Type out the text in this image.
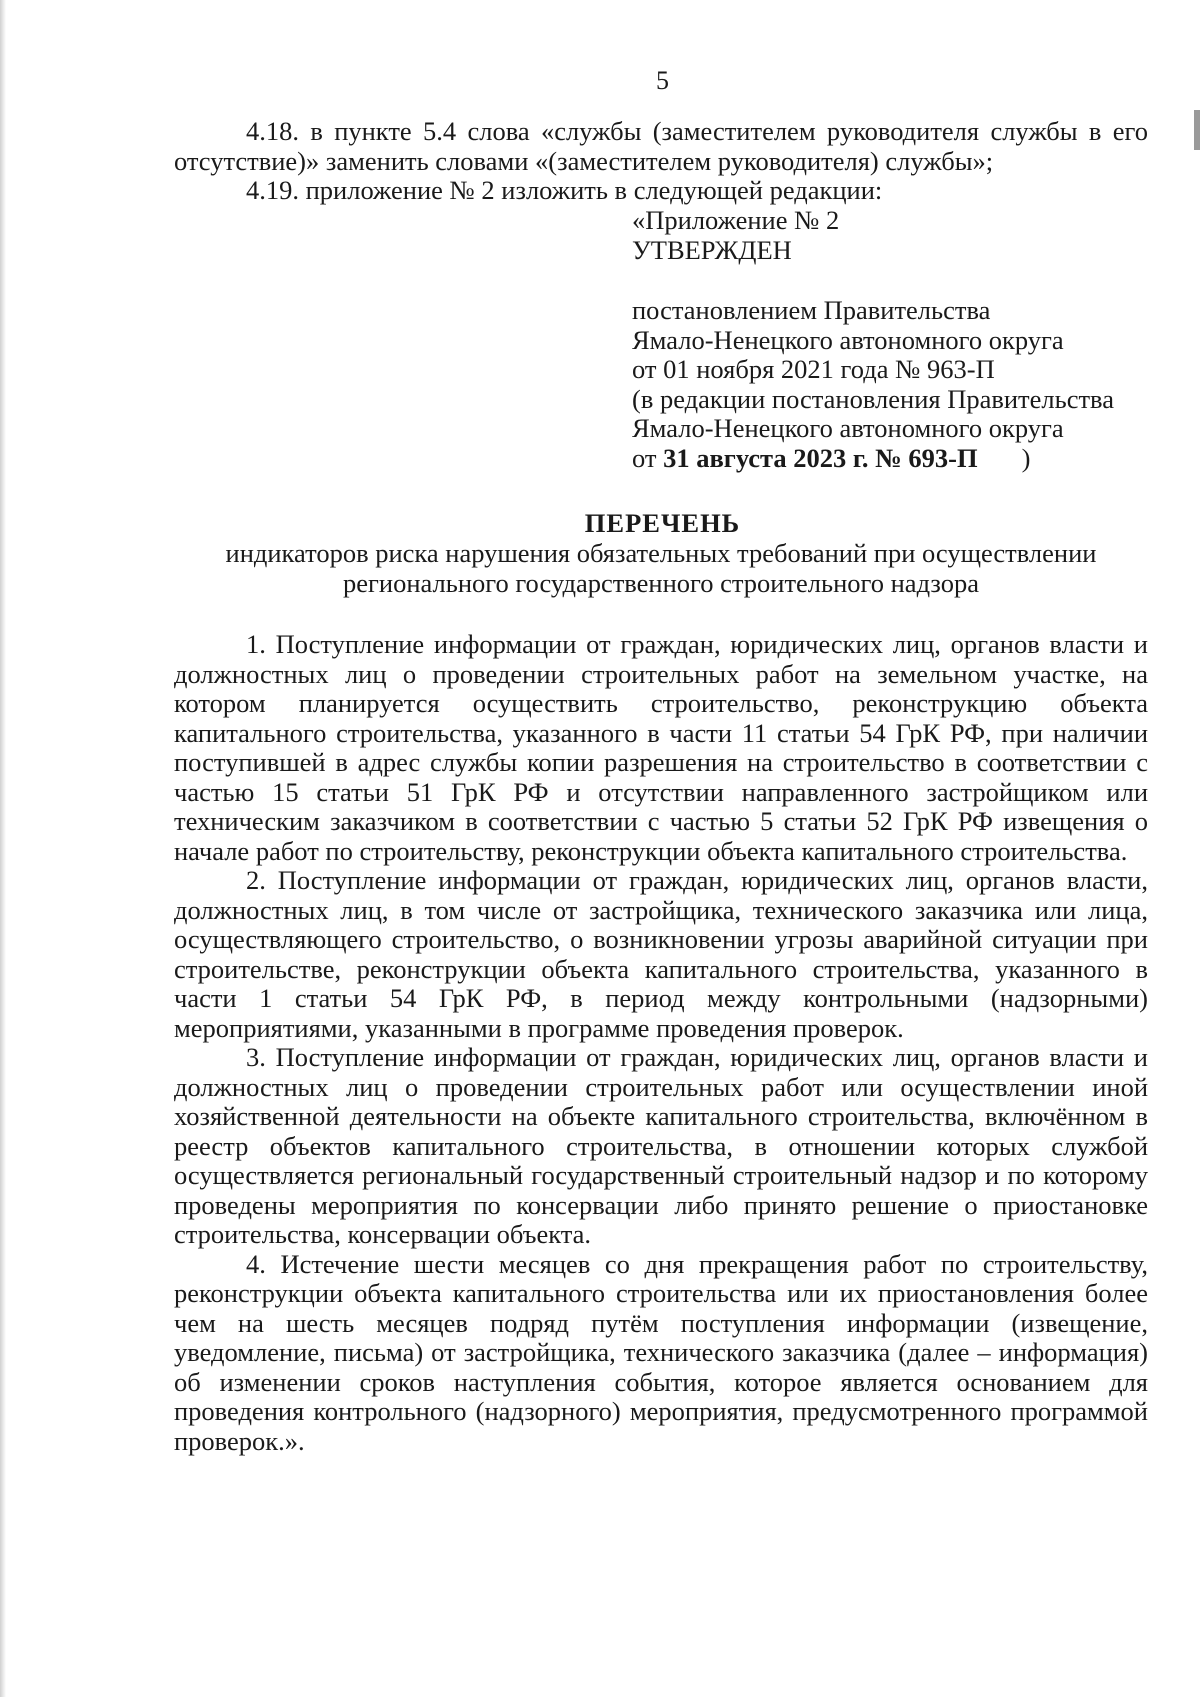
5

4.18. в пункте 5.4 слова «службы (заместителем руководителя службы в его отсутствие)» заменить словами «(заместителем руководителя) службы»;

4.19. приложение № 2 изложить в следующей редакции:

«Приложение № 2
УТВЕРЖДЕН
постановлением Правительства
Ямало-Ненецкого автономного округа
от 01 ноября 2021 года № 963-П
(в редакции постановления Правительства
Ямало-Ненецкого автономного округа
от 31 августа 2023 г. № 693-П )
ПЕРЕЧЕНЬ
индикаторов риска нарушения обязательных требований при осуществлении
регионального государственного строительного надзора

1. Поступление информации от граждан, юридических лиц, органов власти и должностных лиц о проведении строительных работ на земельном участке, на котором планируется осуществить строительство, реконструкцию объекта капитального строительства, указанного в части 11 статьи 54 ГрК РФ, при наличии поступившей в адрес службы копии разрешения на строительство в соответствии с частью 15 статьи 51 ГрК РФ и отсутствии направленного застройщиком или техническим заказчиком в соответствии с частью 5 статьи 52 ГрК РФ извещения о начале работ по строительству, реконструкции объекта капитального строительства.

2. Поступление информации от граждан, юридических лиц, органов власти, должностных лиц, в том числе от застройщика, технического заказчика или лица, осуществляющего строительство, о возникновении угрозы аварийной ситуации при строительстве, реконструкции объекта капитального строительства, указанного в части 1 статьи 54 ГрК РФ, в период между контрольными (надзорными) мероприятиями, указанными в программе проведения проверок.

3. Поступление информации от граждан, юридических лиц, органов власти и должностных лиц о проведении строительных работ или осуществлении иной хозяйственной деятельности на объекте капитального строительства, включённом в реестр объектов капитального строительства, в отношении которых службой осуществляется региональный государственный строительный надзор и по которому проведены мероприятия по консервации либо принято решение о приостановке строительства, консервации объекта.

4. Истечение шести месяцев со дня прекращения работ по строительству, реконструкции объекта капитального строительства или их приостановления более чем на шесть месяцев подряд путём поступления информации (извещение, уведомление, письма) от застройщика, технического заказчика (далее – информация) об изменении сроков наступления события, которое является основанием для проведения контрольного (надзорного) мероприятия, предусмотренного программой проверок.».
